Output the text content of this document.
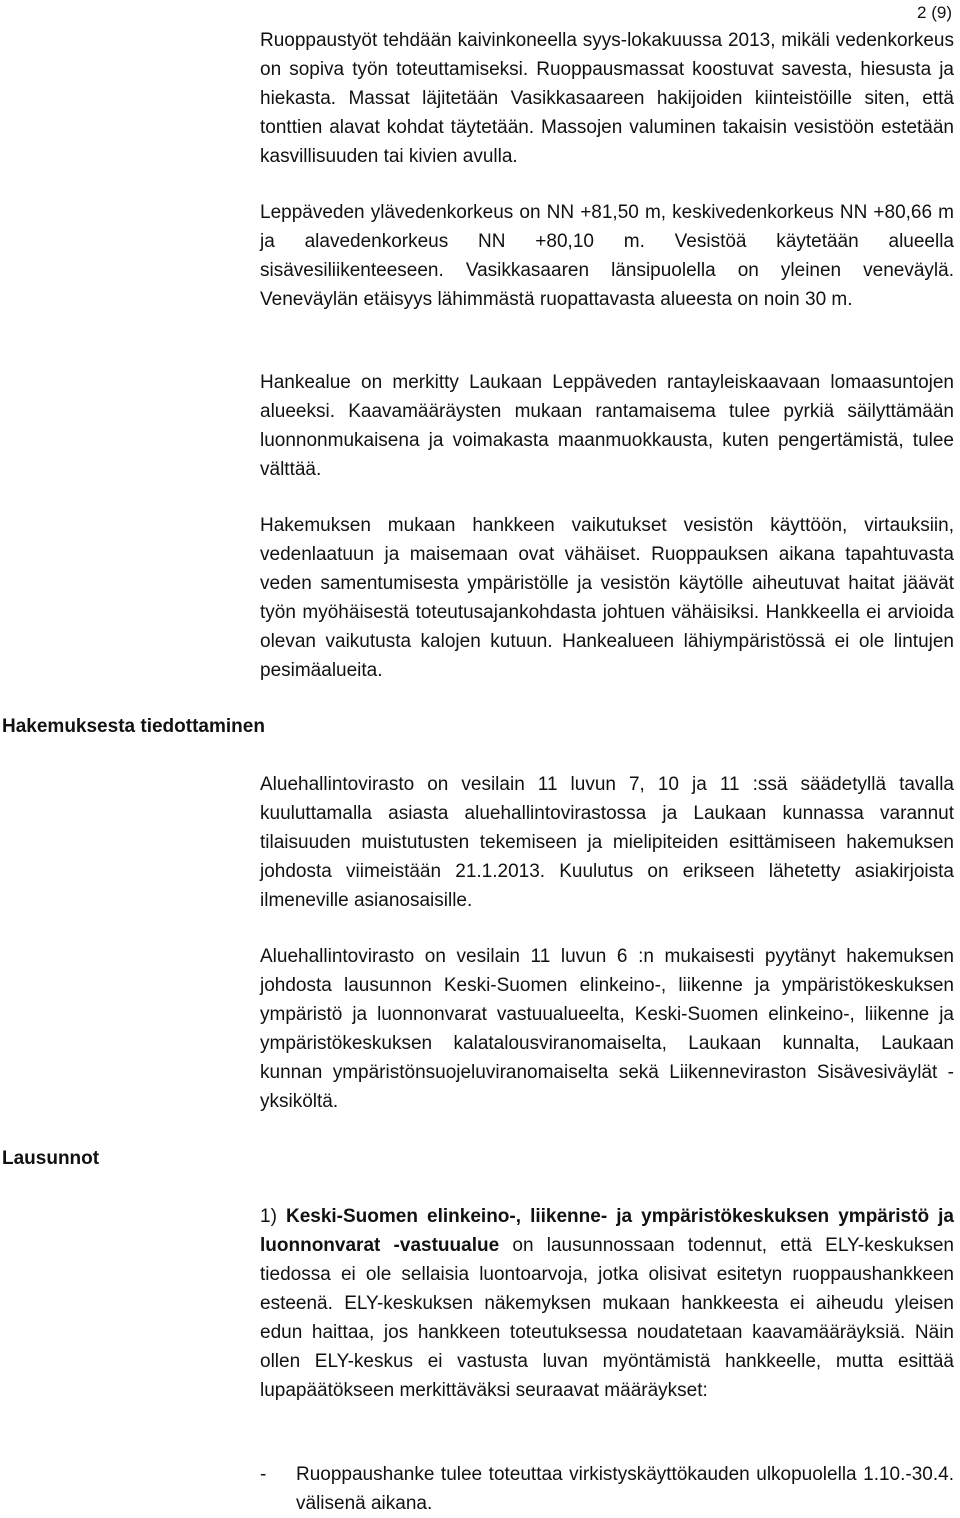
2 (9)

Ruoppaustyöt tehdään kaivinkoneella syys-lokakuussa 2013, mikäli vedenkorkeus on sopiva työn toteuttamiseksi. Ruoppausmassat koostuvat savesta, hiesusta ja hiekasta. Massat läjitetään Vasikkasaareen hakijoiden kiinteistöille siten, että tonttien alavat kohdat täytetään. Massojen valuminen takaisin vesistöön estetään kasvillisuuden tai kivien avulla.

Leppäveden ylävedenkorkeus on NN +81,50 m, keskivedenkorkeus NN +80,66 m ja alavedenkorkeus NN +80,10 m. Vesistöä käytetään alueella sisävesiliikenteeseen. Vasikkasaaren länsipuolella on yleinen veneväylä. Veneväylän etäisyys lähimmästä ruopattavasta alueesta on noin 30 m.

Hankealue on merkitty Laukaan Leppäveden rantayleiskaavaan lomaasuntojen alueeksi. Kaavamääräysten mukaan rantamaisema tulee pyrkiä säilyttämään luonnonmukaisena ja voimakasta maanmuokkausta, kuten pengertämistä, tulee välttää.

Hakemuksen mukaan hankkeen vaikutukset vesistön käyttöön, virtauksiin, vedenlaatuun ja maisemaan ovat vähäiset. Ruoppauksen aikana tapahtuvasta veden samentumisesta ympäristölle ja vesistön käytölle aiheutuvat haitat jäävät työn myöhäisestä toteutusajankohdasta johtuen vähäisiksi. Hankkeella ei arvioida olevan vaikutusta kalojen kutuun. Hankealueen lähiympäristössä ei ole lintujen pesimäalueita.

Hakemuksesta tiedottaminen

Aluehallintovirasto on vesilain 11 luvun 7, 10 ja 11 :ssä säädetyllä tavalla kuuluttamalla asiasta aluehallintovirastossa ja Laukaan kunnassa varannut tilaisuuden muistutusten tekemiseen ja mielipiteiden esittämiseen hakemuksen johdosta viimeistään 21.1.2013. Kuulutus on erikseen lähetetty asiakirjoista ilmeneville asianosaisille.

Aluehallintovirasto on vesilain 11 luvun 6 :n mukaisesti pyytänyt hakemuksen johdosta lausunnon Keski-Suomen elinkeino-, liikenne ja ympäristökeskuksen ympäristö ja luonnonvarat vastuualueelta, Keski-Suomen elinkeino-, liikenne ja ympäristökeskuksen kalatalousviranomaiselta, Laukaan kunnalta, Laukaan kunnan ympäristönsuojeluviranomaiselta sekä Liikenneviraston Sisävesiväylät -yksiköltä.

Lausunnot

1) Keski-Suomen elinkeino-, liikenne- ja ympäristökeskuksen ympäristö ja luonnonvarat -vastuualue on lausunnossaan todennut, että ELY-keskuksen tiedossa ei ole sellaisia luontoarvoja, jotka olisivat esitetyn ruoppaushankkeen esteenä. ELY-keskuksen näkemyksen mukaan hankkeesta ei aiheudu yleisen edun haittaa, jos hankkeen toteutuksessa noudatetaan kaavamääräyksiä. Näin ollen ELY-keskus ei vastusta luvan myöntämistä hankkeelle, mutta esittää lupapäätökseen merkittäväksi seuraavat määräykset:

-	Ruoppaushanke tulee toteuttaa virkistyskäyttökauden ulkopuolella 1.10.-30.4. välisenä aikana.
